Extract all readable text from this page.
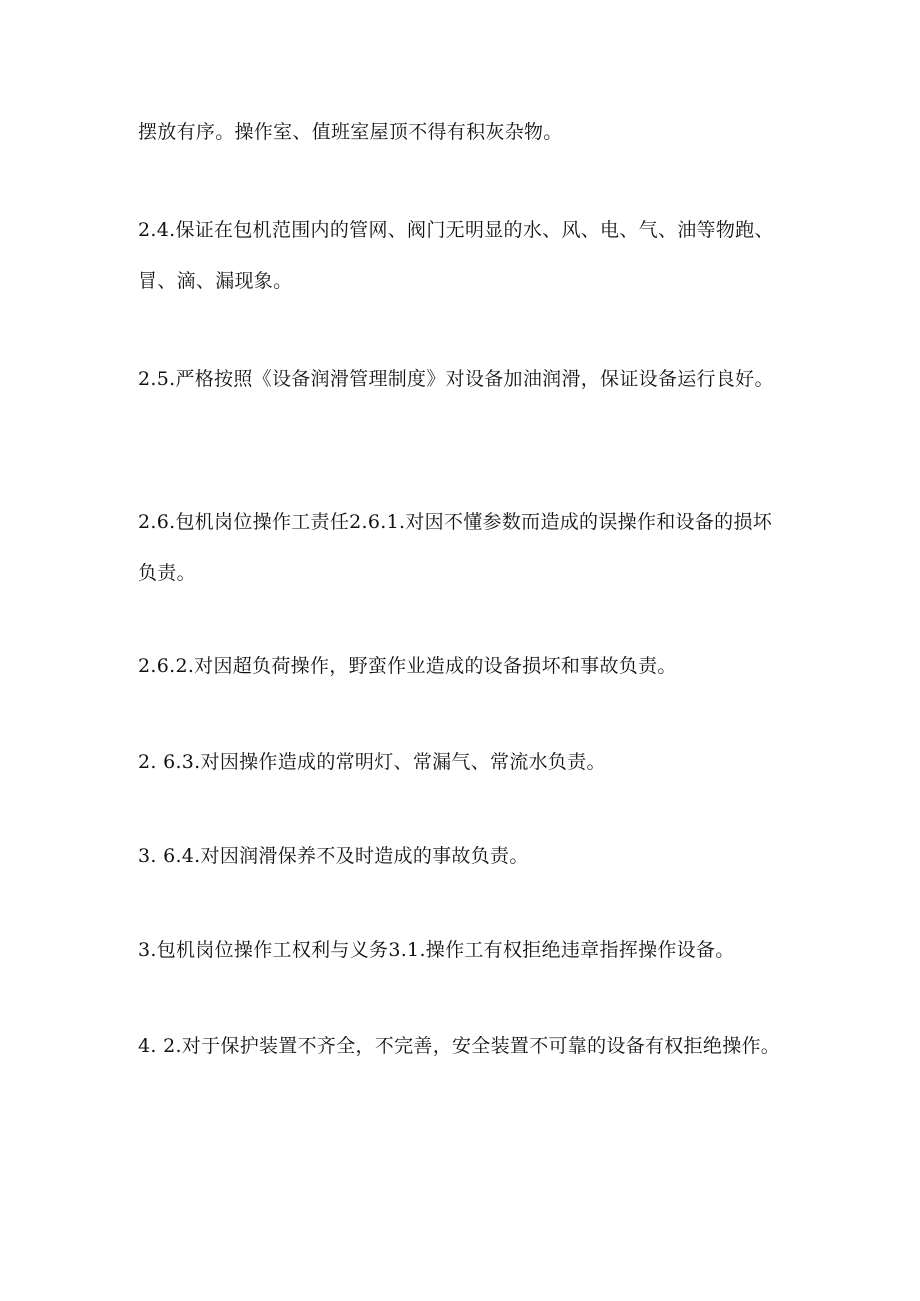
摆放有序。操作室、值班室屋顶不得有积灰杂物。

2.4.保证在包机范围内的管网、阀门无明显的水、风、电、气、油等物跑、冒、滴、漏现象。

2.5.严格按照《设备润滑管理制度》对设备加油润滑，保证设备运行良好。

2.6.包机岗位操作工责任2.6.1.对因不懂参数而造成的误操作和设备的损坏负责。

2.6.2.对因超负荷操作，野蛮作业造成的设备损坏和事故负责。

2. 6.3.对因操作造成的常明灯、常漏气、常流水负责。

3. 6.4.对因润滑保养不及时造成的事故负责。

3.包机岗位操作工权利与义务3.1.操作工有权拒绝违章指挥操作设备。

4. 2.对于保护装置不齐全，不完善，安全装置不可靠的设备有权拒绝操作。
